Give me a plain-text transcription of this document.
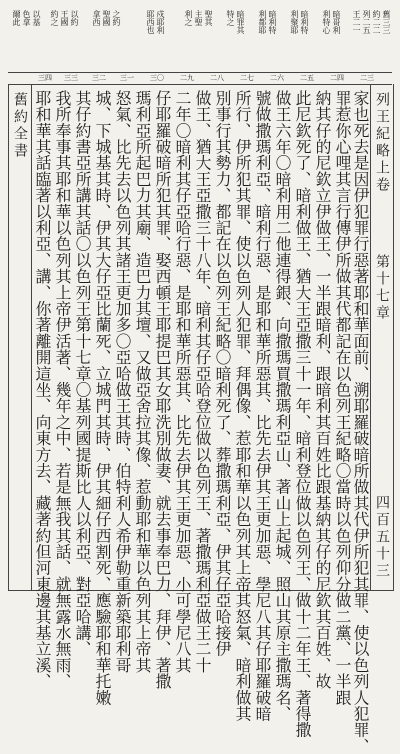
舊三三
約二二
列二五
王二一
暗哥利
利特心
暗利特
利聚耶
暗利特
利都耶
暗罪其
特之
聖其
主聖
利之
戍耶利
耶西也
之約
聖國
拿西
以約
王國
約之
以基
色拿
爾此
三四 三三 三二 三一 三〇 二九 二八 二七 二六 二五 二四 二三
舊約全書 耶和華其話臨著以利亞、講、你著離開這坐、向東方去、藏著約但河東邊其基立溪、 我所奉事其耶和華以色列其上帝伊活著、幾年之中、若是無我其話、就無露水無雨、 其仔約書亞所講其話〇以色列王第十七章〇基列國提斯比人以利亞、對亞哈講、 城、下城基其時、伊其大仔亞比蘭死、立城門其時、伊其細仔西割死、應驗耶和華托嫩 怒氣、比先去以色列其諸王更加多〇亞哈做王其時、伯特利人希伊勒重新築耶利哥 瑪利亞所起巴力其廟、造巴力其壇、又做亞舍拉其像、惹動耶和華以色列其上帝其 仔耶羅破暗所犯其罪、娶西頓王耶提巴其女耶洗別做妻、就去事奉巴力、拜伊、著撒 二年〇暗利其仔亞哈行惡、是耶和華所惡其、比先去伊其王更加惡、小可學尼八其 做王、猶大王亞撒三十八年、暗利其仔亞哈登位做以色列王、著撒瑪利亞做王二十 別事行其勢力、都記在以色列王紀略〇暗利死了、葬撒瑪利亞、伊其仔亞哈接伊 所行、伊所犯其罪、使以色列人犯罪、拜偶像、惹耶和華以色列其上帝其怒氣、暗利做其 號做撒瑪利亞、暗利行惡、是耶和華所惡其、比先去伊其王更加惡、學尼八其仔耶羅破暗 做王六年〇暗利用二他連得銀、向撒瑪買撒瑪利亞山、著山上起城、照山其原主撒瑪名、 此尼欽死了、暗利做王、猶大王亞撒三十一年、暗利登位做以色列王、做十二年王、著得撒 納其仔的尼欽立伊做王、一半跟暗利、跟暗利其百姓比跟基納其仔的尼欽其百姓、故 罪惹你心哩其言行傳伊所做其代都記在以色列王紀略〇當時以色列仰分做二黨、一半跟 家也死去是因伊犯罪行惡著耶和華面前、溯耶羅破暗所做其代伊所犯其罪、使以色列人犯罪、 列王紀略上卷
第十七章
四百五十三
